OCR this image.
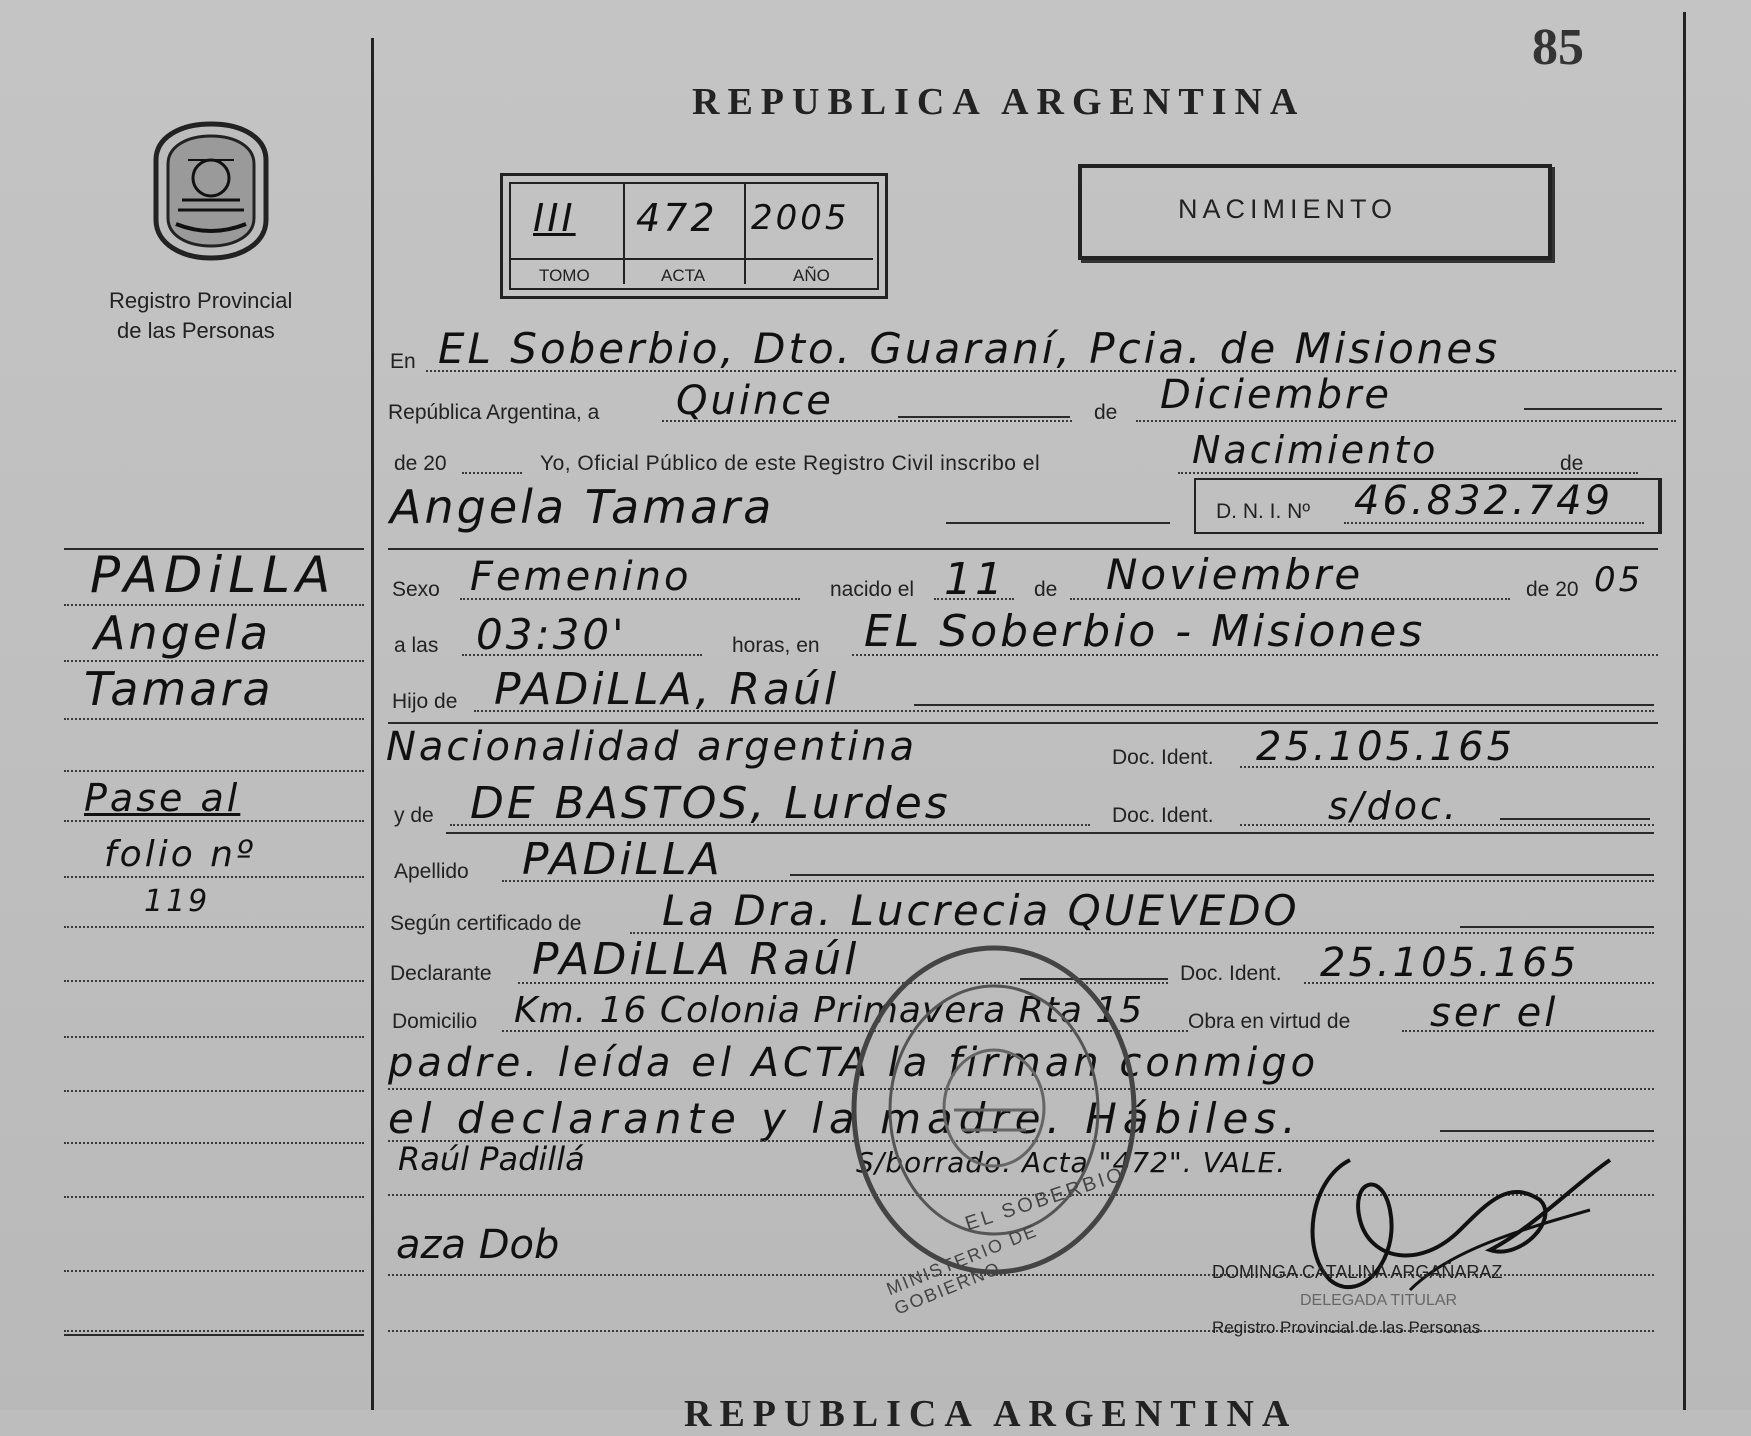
85
REPUBLICA ARGENTINA
Registro Provincial
de las Personas
III 472 2005
TOMO	ACTA	AÑO
NACIMIENTO
En EL Soberbio, Dto. Guaraní, Pcia. de Misiones
República Argentina, a Quince	de Diciembre
de 20	Yo, Oficial Público de este Registro Civil inscribo el	Nacimiento	de
Angela Tamara	D. N. I. Nº 46.832.749
Sexo Femenino	nacido el 11 de Noviembre	de 20 05
PADiLLA
a las 03:30'	horas, en EL Soberbio - Misiones
Angela
Hijo de PADiLLA, Raúl
Tamara
Nacionalidad argentina	Doc. Ident. 25.105.165
y de DE BASTOS, Lurdes	Doc. Ident.	s/doc.
Pase al
Apellido PADiLLA
folio nº
119
Según certificado de La Dra. Lucrecia QUEVEDO
Declarante PADiLLA Raúl	Doc. Ident. 25.105.165
Domicilio Km. 16 Colonia Primavera Rta 15 Obra en virtud de ser el
padre. leída el ACTA la firman conmigo
el declarante y la madre. Hábiles.
Raúl Padillá	S/borrado. Acta "472". VALE.
aza Dob
EL SOBERBIO
MINISTERIO DE GOBIERNO	DOMINGA CATALINA ARGAÑARAZ
DELEGADA TITULAR
Registro Provincial de las Personas
REPUBLICA ARGENTINA
